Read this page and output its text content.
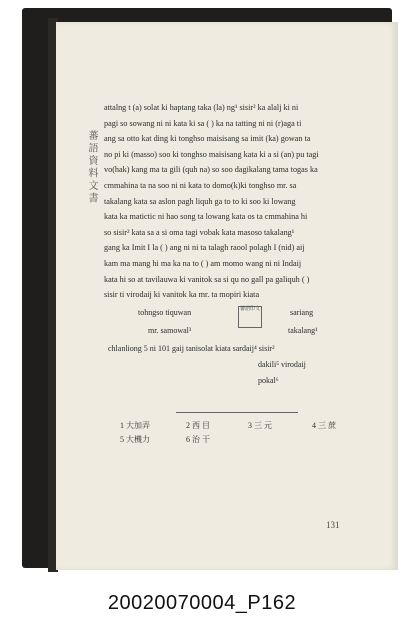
蕃 語 資 料 文 書
attalng t (a) solat ki haptang taka (la) ng¹ sisir² ka alalj ki ni
pagi so sowang ni ni kata ki sa ( ) ka na tatting ni ni (r)aga ti
ang sa otto kat ding ki tonghso maisisang sa imit (ka) gowan ta
no pi ki (masso) soo ki tonghso maisisang kata ki a si (an) pu tagi
vo(hak) kang ma ta gili (quh na) so soo dagikalang tama togas ka
cmmahina ta na soo ni ni kata to domo(k)ki tonghso mr. sa
takalang kata sa aslon pagh liquh ga to to ki soo ki lowang
kata ka matictic ni hao song ta lowang kata os ta cmmahina hi
so sisir² kata sa a si oma tagi vobak kata masoso takalang¹
gang ka Imit I la ( ) ang ni ni ta talagh raool polagh I (nid) aij
kam ma mang hi ma ka na to ( ) am momo wang ni ni Indaij
kata hi so at tavilauwa ki vanitok sa si qu no gall pa galiquh ( )
sisir ti virodaij ki vanitok ka mr. ta mopiri kiata
tohngso tiquwan	sariang
mr. samowal³	takalang¹
chlanliong 5 ni 101 gaij tanisolat kiata sardaij⁴ sisir²
dakili⁵ virodaij
pokal⁶
蕃語印文
1 大加弄	2 西 目	3 三 元	4 三 蔗
5 大機力	6 治 干
131
20020070004_P162
